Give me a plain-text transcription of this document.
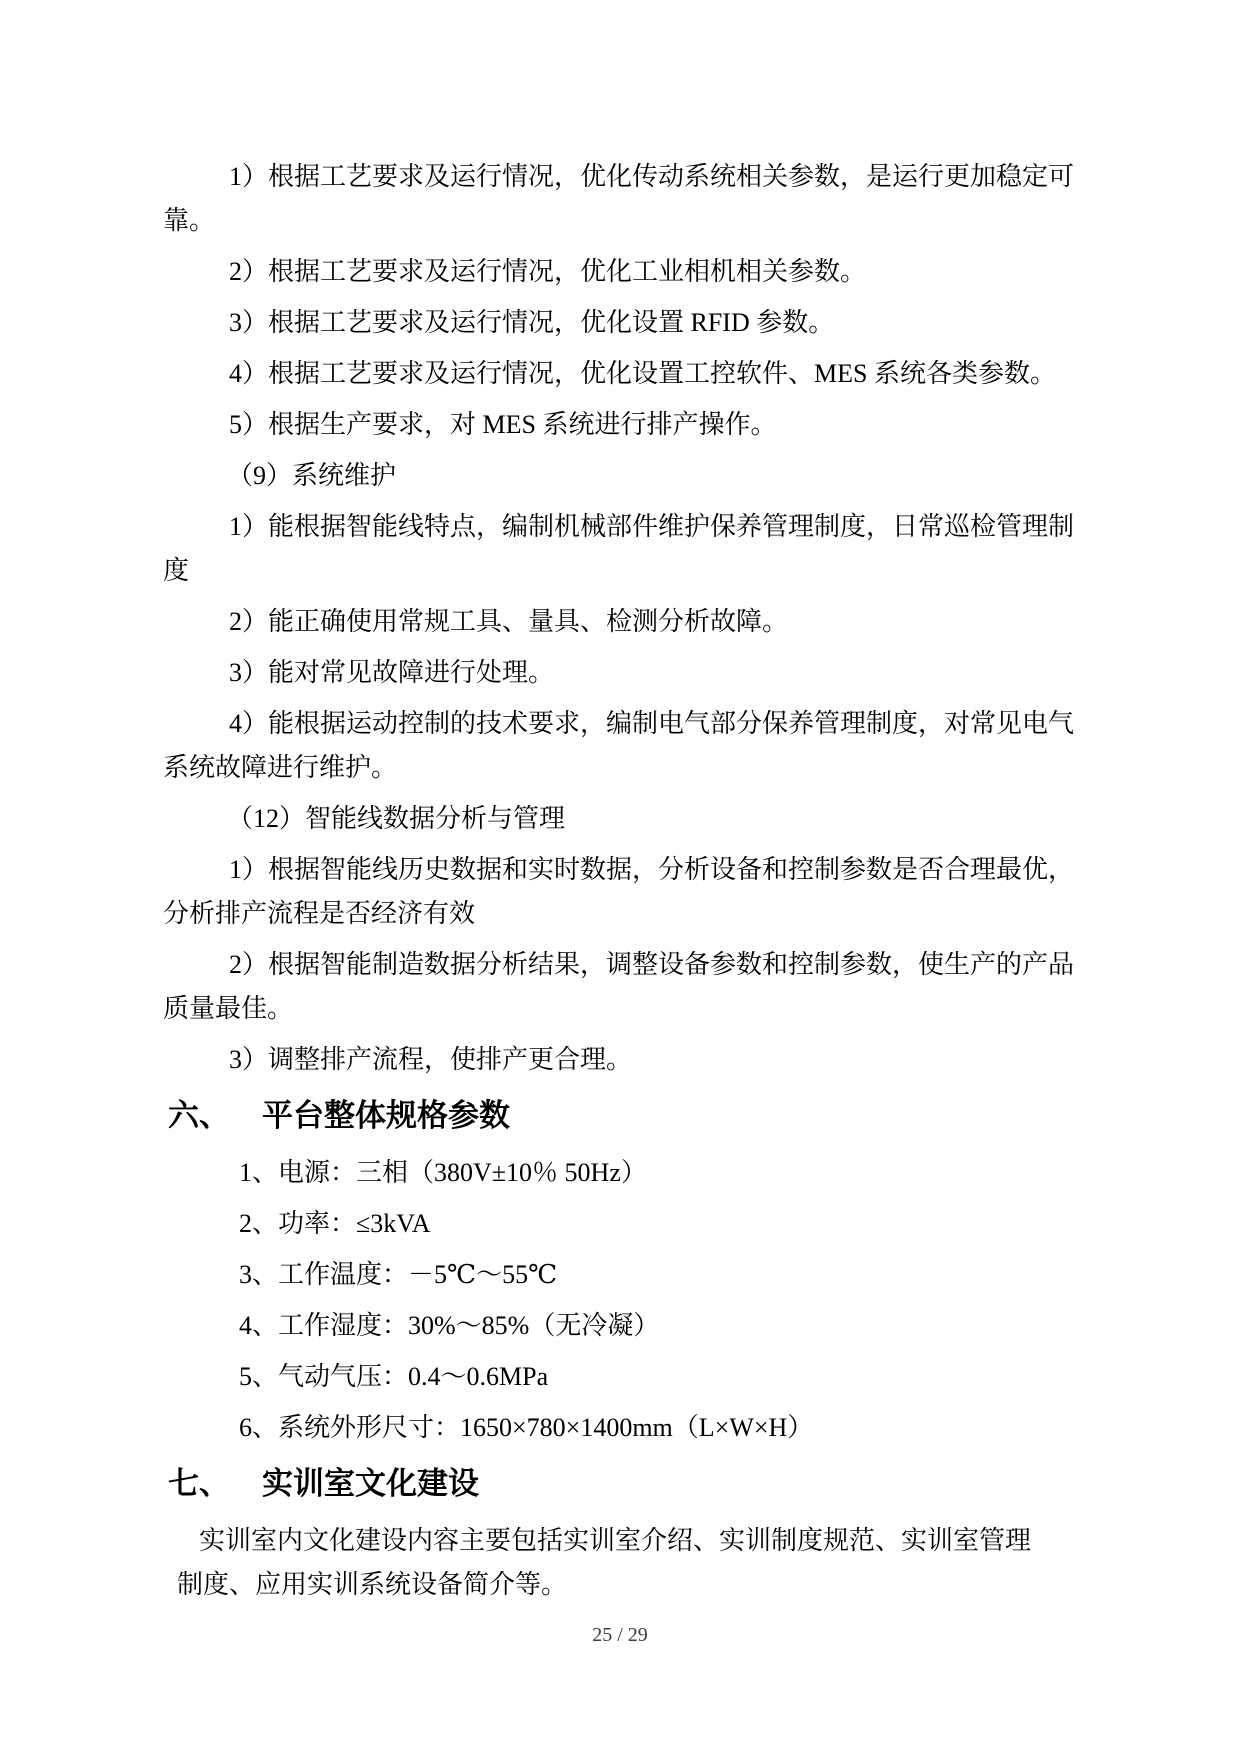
1）根据工艺要求及运行情况，优化传动系统相关参数，是运行更加稳定可
靠。
2）根据工艺要求及运行情况，优化工业相机相关参数。
3）根据工艺要求及运行情况，优化设置 RFID 参数。
4）根据工艺要求及运行情况，优化设置工控软件、MES 系统各类参数。
5）根据生产要求，对 MES 系统进行排产操作。
（9）系统维护
1）能根据智能线特点，编制机械部件维护保养管理制度，日常巡检管理制
度
2）能正确使用常规工具、量具、检测分析故障。
3）能对常见故障进行处理。
4）能根据运动控制的技术要求，编制电气部分保养管理制度，对常见电气
系统故障进行维护。
（12）智能线数据分析与管理
1）根据智能线历史数据和实时数据，分析设备和控制参数是否合理最优，
分析排产流程是否经济有效
2）根据智能制造数据分析结果，调整设备参数和控制参数，使生产的产品
质量最佳。
3）调整排产流程，使排产更合理。
六、 平台整体规格参数
1、电源：三相（380V±10％ 50Hz）
2、功率：≤3kVA
3、工作温度：－5℃～55℃
4、工作湿度：30%～85%（无冷凝）
5、气动气压：0.4～0.6MPa
6、系统外形尺寸：1650×780×1400mm（L×W×H）
七、 实训室文化建设
实训室内文化建设内容主要包括实训室介绍、实训制度规范、实训室管理
制度、应用实训系统设备简介等。
25 / 29
